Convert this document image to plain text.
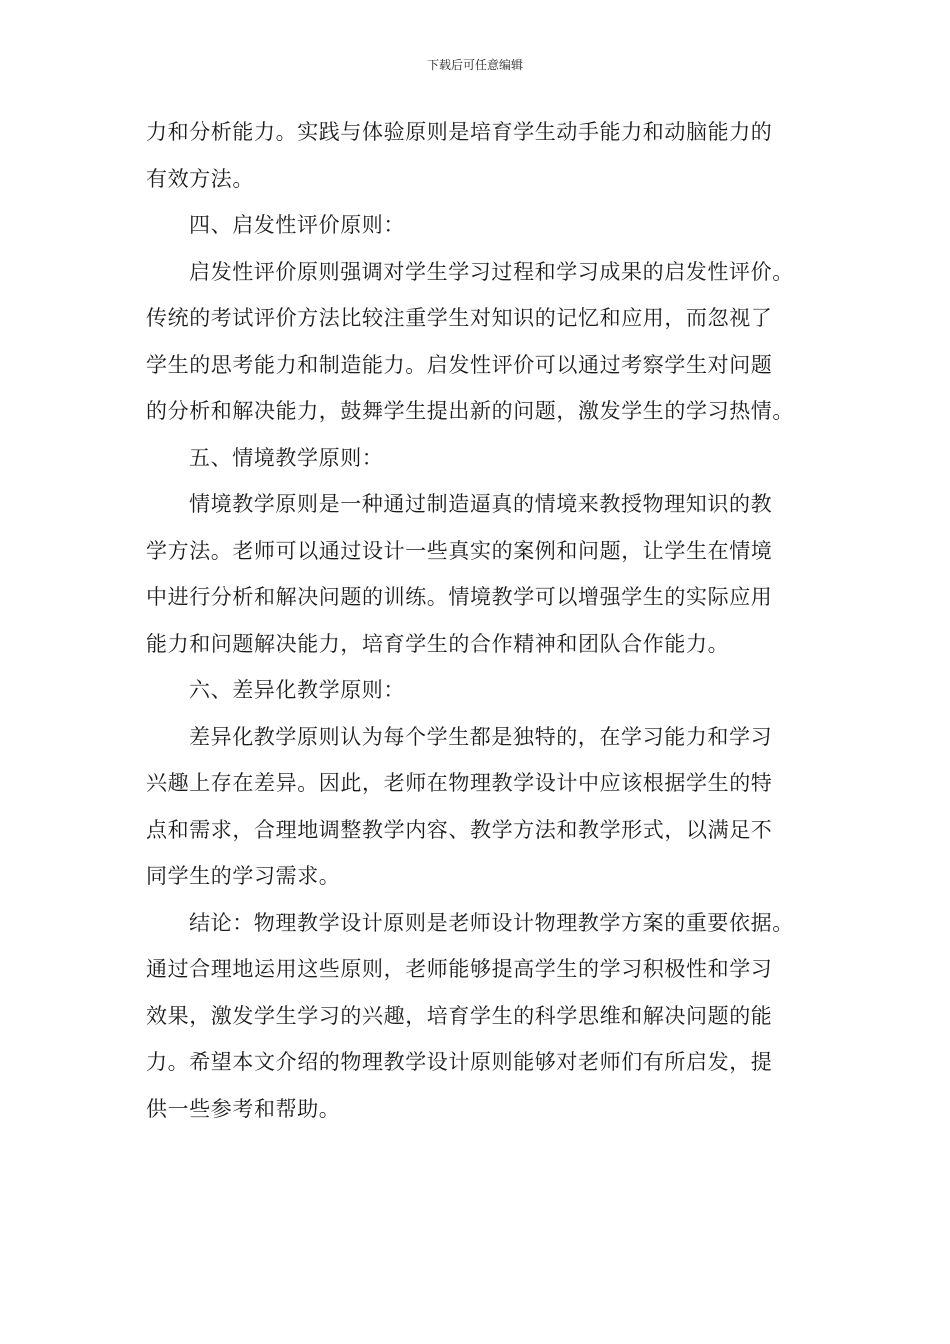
下载后可任意编辑
力和分析能力。实践与体验原则是培育学生动手能力和动脑能力的
有效方法。
四、启发性评价原则：
启发性评价原则强调对学生学习过程和学习成果的启发性评价。
传统的考试评价方法比较注重学生对知识的记忆和应用，而忽视了
学生的思考能力和制造能力。启发性评价可以通过考察学生对问题
的分析和解决能力，鼓舞学生提出新的问题，激发学生的学习热情。
五、情境教学原则：
情境教学原则是一种通过制造逼真的情境来教授物理知识的教
学方法。老师可以通过设计一些真实的案例和问题，让学生在情境
中进行分析和解决问题的训练。情境教学可以增强学生的实际应用
能力和问题解决能力，培育学生的合作精神和团队合作能力。
六、差异化教学原则：
差异化教学原则认为每个学生都是独特的，在学习能力和学习
兴趣上存在差异。因此，老师在物理教学设计中应该根据学生的特
点和需求，合理地调整教学内容、教学方法和教学形式，以满足不
同学生的学习需求。
结论：物理教学设计原则是老师设计物理教学方案的重要依据。
通过合理地运用这些原则，老师能够提高学生的学习积极性和学习
效果，激发学生学习的兴趣，培育学生的科学思维和解决问题的能
力。希望本文介绍的物理教学设计原则能够对老师们有所启发，提
供一些参考和帮助。
